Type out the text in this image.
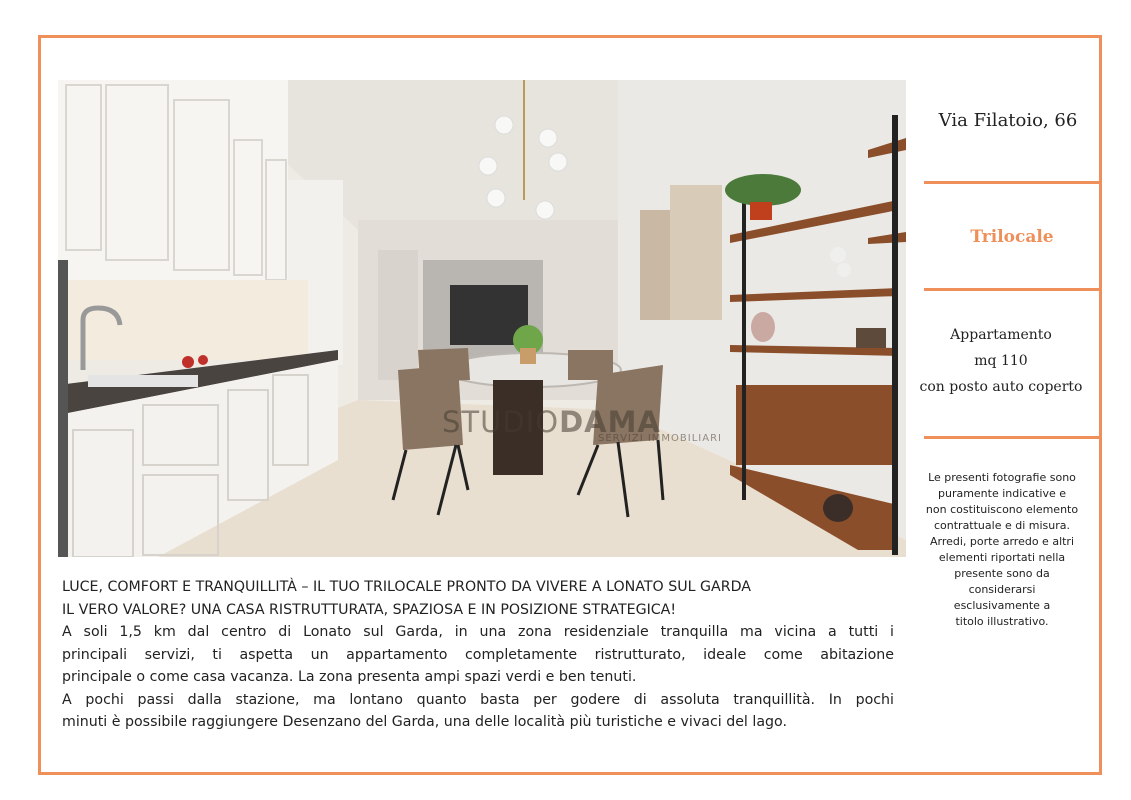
STUDIODAMA
SERVIZI IMMOBILIARI
Via Filatoio, 66
Trilocale
Appartamento
mq 110
con posto auto coperto
Le presenti fotografie sono
puramente indicative e
non costituiscono elemento
contrattuale e di misura.
Arredi, porte arredo e altri
elementi riportati nella
presente sono da
considerarsi
esclusivamente a
titolo illustrativo.
LUCE, COMFORT E TRANQUILLITÀ – IL TUO TRILOCALE PRONTO DA VIVERE A LONATO SUL GARDA
IL VERO VALORE? UNA CASA RISTRUTTURATA, SPAZIOSA E IN POSIZIONE STRATEGICA!
A soli 1,5 km dal centro di Lonato sul Garda, in una zona residenziale tranquilla ma vicina a tutti i
principali servizi, ti aspetta un appartamento completamente ristrutturato, ideale come abitazione
principale o come casa vacanza. La zona presenta ampi spazi verdi e ben tenuti.
A pochi passi dalla stazione, ma lontano quanto basta per godere di assoluta tranquillità. In pochi
minuti è possibile raggiungere Desenzano del Garda, una delle località più turistiche e vivaci del lago.
